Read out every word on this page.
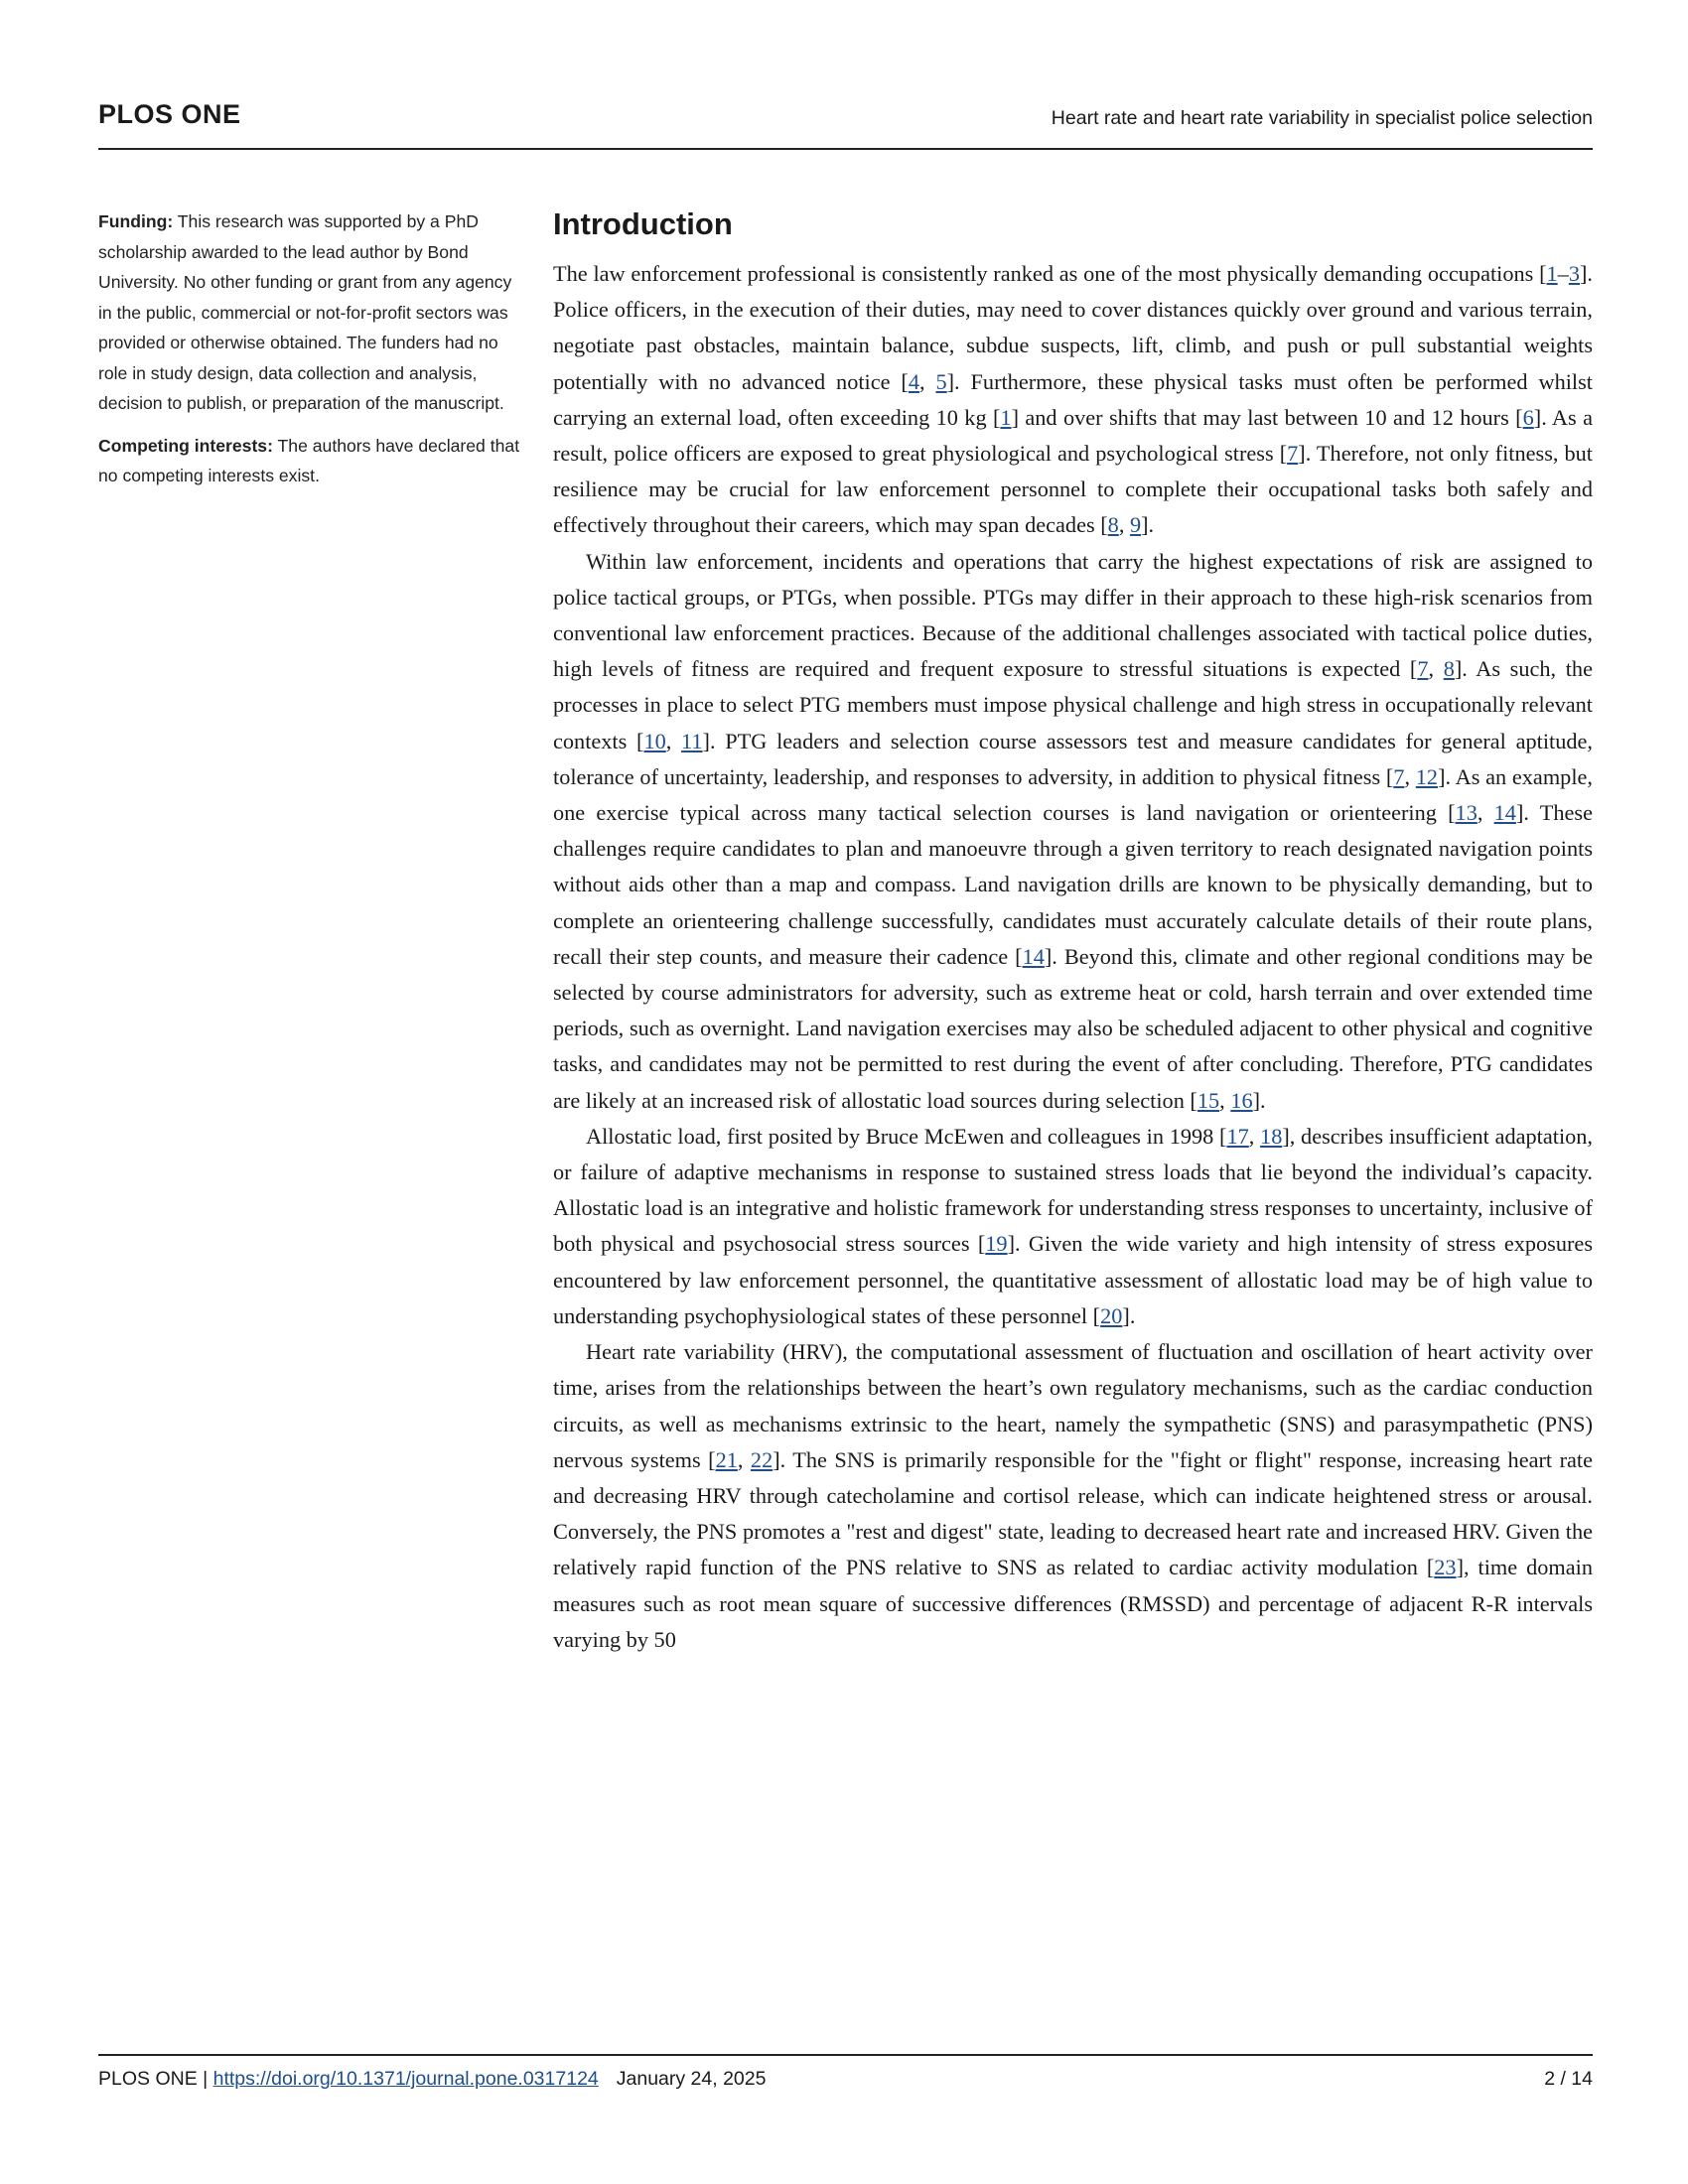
PLOS ONE	Heart rate and heart rate variability in specialist police selection

Funding: This research was supported by a PhD scholarship awarded to the lead author by Bond University. No other funding or grant from any agency in the public, commercial or not-for-profit sectors was provided or otherwise obtained. The funders had no role in study design, data collection and analysis, decision to publish, or preparation of the manuscript.

Competing interests: The authors have declared that no competing interests exist.

Introduction

The law enforcement professional is consistently ranked as one of the most physically demanding occupations [1–3]. Police officers, in the execution of their duties, may need to cover distances quickly over ground and various terrain, negotiate past obstacles, maintain balance, subdue suspects, lift, climb, and push or pull substantial weights potentially with no advanced notice [4, 5]. Furthermore, these physical tasks must often be performed whilst carrying an external load, often exceeding 10 kg [1] and over shifts that may last between 10 and 12 hours [6]. As a result, police officers are exposed to great physiological and psychological stress [7]. Therefore, not only fitness, but resilience may be crucial for law enforcement personnel to complete their occupational tasks both safely and effectively throughout their careers, which may span decades [8, 9].

Within law enforcement, incidents and operations that carry the highest expectations of risk are assigned to police tactical groups, or PTGs, when possible. PTGs may differ in their approach to these high-risk scenarios from conventional law enforcement practices. Because of the additional challenges associated with tactical police duties, high levels of fitness are required and frequent exposure to stressful situations is expected [7, 8]. As such, the processes in place to select PTG members must impose physical challenge and high stress in occupationally relevant contexts [10, 11]. PTG leaders and selection course assessors test and measure candidates for general aptitude, tolerance of uncertainty, leadership, and responses to adversity, in addition to physical fitness [7, 12]. As an example, one exercise typical across many tactical selection courses is land navigation or orienteering [13, 14]. These challenges require candidates to plan and manoeuvre through a given territory to reach designated navigation points without aids other than a map and compass. Land navigation drills are known to be physically demanding, but to complete an orienteering challenge successfully, candidates must accurately calculate details of their route plans, recall their step counts, and measure their cadence [14]. Beyond this, climate and other regional conditions may be selected by course administrators for adversity, such as extreme heat or cold, harsh terrain and over extended time periods, such as overnight. Land navigation exercises may also be scheduled adjacent to other physical and cognitive tasks, and candidates may not be permitted to rest during the event of after concluding. Therefore, PTG candidates are likely at an increased risk of allostatic load sources during selection [15, 16].

Allostatic load, first posited by Bruce McEwen and colleagues in 1998 [17, 18], describes insufficient adaptation, or failure of adaptive mechanisms in response to sustained stress loads that lie beyond the individual’s capacity. Allostatic load is an integrative and holistic framework for understanding stress responses to uncertainty, inclusive of both physical and psychosocial stress sources [19]. Given the wide variety and high intensity of stress exposures encountered by law enforcement personnel, the quantitative assessment of allostatic load may be of high value to understanding psychophysiological states of these personnel [20].

Heart rate variability (HRV), the computational assessment of fluctuation and oscillation of heart activity over time, arises from the relationships between the heart’s own regulatory mechanisms, such as the cardiac conduction circuits, as well as mechanisms extrinsic to the heart, namely the sympathetic (SNS) and parasympathetic (PNS) nervous systems [21, 22]. The SNS is primarily responsible for the "fight or flight" response, increasing heart rate and decreasing HRV through catecholamine and cortisol release, which can indicate heightened stress or arousal. Conversely, the PNS promotes a "rest and digest" state, leading to decreased heart rate and increased HRV. Given the relatively rapid function of the PNS relative to SNS as related to cardiac activity modulation [23], time domain measures such as root mean square of successive differences (RMSSD) and percentage of adjacent R-R intervals varying by 50

PLOS ONE | https://doi.org/10.1371/journal.pone.0317124 January 24, 2025	2 / 14
